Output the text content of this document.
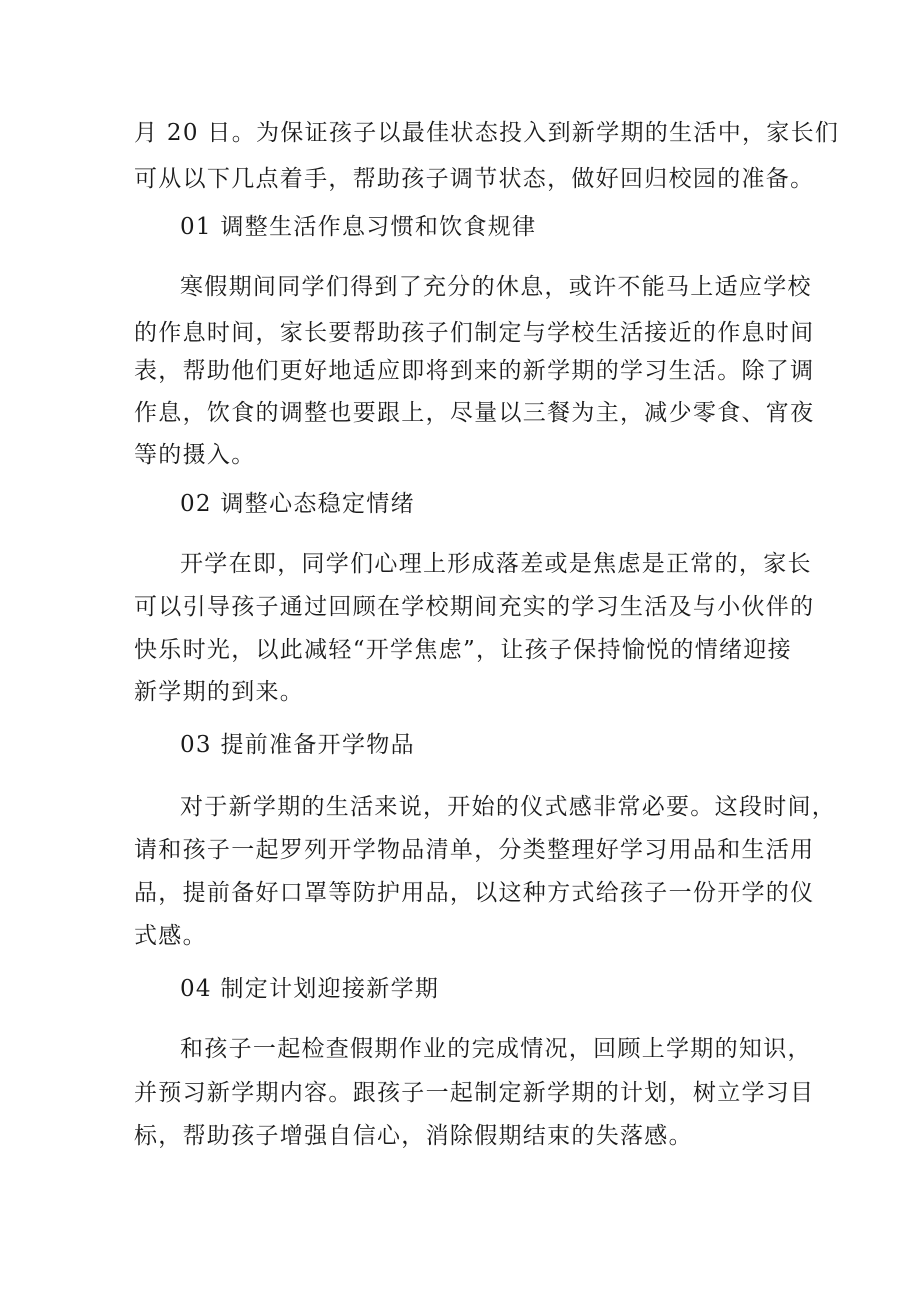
月 20 日。为保证孩子以最佳状态投入到新学期的生活中，家长们
可从以下几点着手，帮助孩子调节状态，做好回归校园的准备。
01 调整生活作息习惯和饮食规律
寒假期间同学们得到了充分的休息，或许不能马上适应学校
的作息时间，家长要帮助孩子们制定与学校生活接近的作息时间
表，帮助他们更好地适应即将到来的新学期的学习生活。除了调
作息，饮食的调整也要跟上，尽量以三餐为主，减少零食、宵夜
等的摄入。
02 调整心态稳定情绪
开学在即，同学们心理上形成落差或是焦虑是正常的，家长
可以引导孩子通过回顾在学校期间充实的学习生活及与小伙伴的
快乐时光，以此减轻“开学焦虑”，让孩子保持愉悦的情绪迎接
新学期的到来。
03 提前准备开学物品
对于新学期的生活来说，开始的仪式感非常必要。这段时间，
请和孩子一起罗列开学物品清单，分类整理好学习用品和生活用
品，提前备好口罩等防护用品，以这种方式给孩子一份开学的仪
式感。
04 制定计划迎接新学期
和孩子一起检查假期作业的完成情况，回顾上学期的知识，
并预习新学期内容。跟孩子一起制定新学期的计划，树立学习目
标，帮助孩子增强自信心，消除假期结束的失落感。
